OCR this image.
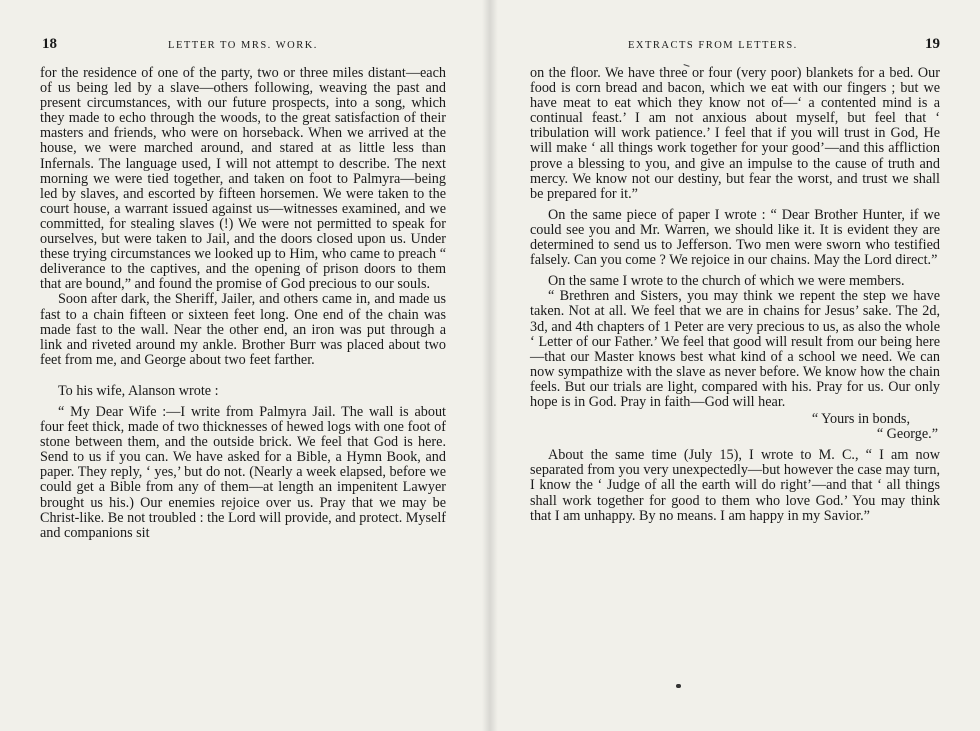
18	LETTER TO MRS. WORK.

for the residence of one of the party, two or three miles distant—each of us being led by a slave—others following, weaving the past and present circumstances, with our future prospects, into a song, which they made to echo through the woods, to the great satisfaction of their masters and friends, who were on horseback. When we arrived at the house, we were marched around, and stared at as little less than Infernals. The language used, I will not attempt to describe. The next morning we were tied together, and taken on foot to Palmyra—being led by slaves, and escorted by fifteen horsemen. We were taken to the court house, a warrant issued against us—witnesses examined, and we committed, for stealing slaves (!) We were not permitted to speak for ourselves, but were taken to Jail, and the doors closed upon us. Under these trying circumstances we looked up to Him, who came to preach “ deliverance to the captives, and the opening of prison doors to them that are bound,” and found the promise of God precious to our souls.

Soon after dark, the Sheriff, Jailer, and others came in, and made us fast to a chain fifteen or sixteen feet long. One end of the chain was made fast to the wall. Near the other end, an iron was put through a link and riveted around my ankle. Brother Burr was placed about two feet from me, and George about two feet farther.

To his wife, Alanson wrote :

“ My Dear Wife :—I write from Palmyra Jail. The wall is about four feet thick, made of two thicknesses of hewed logs with one foot of stone between them, and the outside brick. We feel that God is here. Send to us if you can. We have asked for a Bible, a Hymn Book, and paper. They reply, ‘ yes,’ but do not. (Nearly a week elapsed, before we could get a Bible from any of them—at length an impenitent Lawyer brought us his.) Our enemies rejoice over us. Pray that we may be Christ-like. Be not troubled : the Lord will provide, and protect. Myself and companions sit

EXTRACTS FROM LETTERS.	19

on the floor. We have three or four (very poor) blankets for a bed. Our food is corn bread and bacon, which we eat with our fingers ; but we have meat to eat which they know not of—‘ a contented mind is a continual feast.’ I am not anxious about myself, but feel that ‘ tribulation will work patience.’ I feel that if you will trust in God, He will make ‘ all things work together for your good’—and this affliction prove a blessing to you, and give an impulse to the cause of truth and mercy. We know not our destiny, but fear the worst, and trust we shall be prepared for it.”

On the same piece of paper I wrote : “ Dear Brother Hunter, if we could see you and Mr. Warren, we should like it. It is evident they are determined to send us to Jefferson. Two men were sworn who testified falsely. Can you come ? We rejoice in our chains. May the Lord direct.”

On the same I wrote to the church of which we were members.

“ Brethren and Sisters, you may think we repent the step we have taken. Not at all. We feel that we are in chains for Jesus’ sake. The 2d, 3d, and 4th chapters of 1 Peter are very precious to us, as also the whole ‘ Letter of our Father.’ We feel that good will result from our being here—that our Master knows best what kind of a school we need. We can now sympathize with the slave as never before. We know how the chain feels. But our trials are light, compared with his. Pray for us. Our only hope is in God. Pray in faith—God will hear.

“ Yours in bonds,

“ George.”

About the same time (July 15), I wrote to M. C., “ I am now separated from you very unexpectedly—but however the case may turn, I know the ‘ Judge of all the earth will do right’—and that ‘ all things shall work together for good to them who love God.’ You may think that I am unhappy. By no means. I am happy in my Savior.”
